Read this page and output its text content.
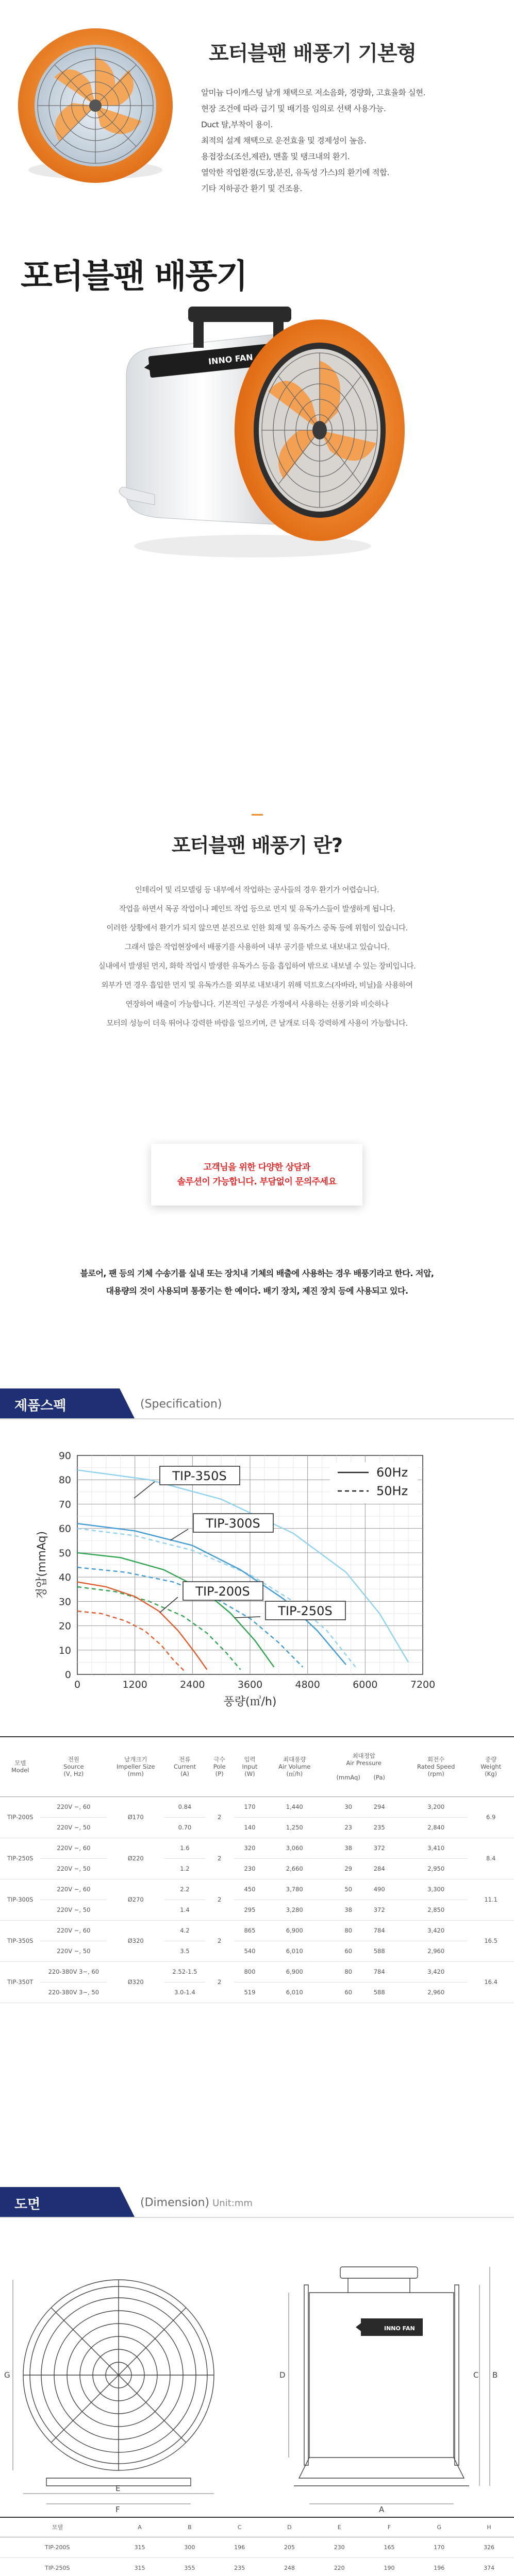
포터블팬 배풍기 기본형
알미늄 다이캐스팅 날개 채택으로 저소음화, 경량화, 고효율화 실현.
현장 조건에 따라 급기 및 배기를 임의로 선택 사용가능.
Duct 탈,부착이 용이.
최적의 설계 채택으로 운전효율 및 경제성이 높음.
용접장소(조선,제관), 맨홀 및 탱크내의 환기.
열악한 작업환경(도장,분진, 유독성 가스)의 환기에 적합.
기타 지하공간 환기 및 건조용.
포터블팬 배풍기
INNO FAN
포터블팬 배풍기 란?

인테리어 및 리모델링 등 내부에서 작업하는 공사들의 경우 환기가 어렵습니다.

작업을 하면서 목공 작업이나 페인트 작업 등으로 먼지 및 유독가스들이 발생하게 됩니다.

이러한 상황에서 환기가 되지 않으면 분진으로 인한 회재 및 유독가스 중독 등에 위험이 있습니다.

그래서 많은 작업현장에서 배풍기를 사용하여 내부 공기를 밖으로 내보내고 있습니다.

실내에서 발생된 먼지, 화학 작업시 발생한 유독가스 등을 흡입하여 밖으로 내보낼 수 있는 장비입니다.

외부가 먼 경우 흡입한 먼지 및 유독가스를 외부로 내보내기 위해 덕트호스(자바라, 비닐)을 사용하여

연장하여 배출이 가능합니다. 기본적인 구성은 가정에서 사용하는 선풍기와 비슷하나

모터의 성능이 더욱 뛰어나 강력한 바람을 일으키며, 큰 날개로 더욱 강력하게 사용이 가능합니다.

고객님을 위한 다양한 상담과

솔루션이 가능합니다. 부담없이 문의주세요

블로어, 팬 등의 기체 수송기를 실내 또는 장치내 기체의 배출에 사용하는 경우 배풍기라고 한다. 저압,

대용량의 것이 사용되며 통풍기는 한 예이다. 배기 장치, 제진 장치 등에 사용되고 있다.

제품스펙	(Specification)
0	1200	2400	3600	4800	6000	7200
0
10
20
30
40
50
60
70
80
90
풍량(㎥/h)
정압(mmAq)
TIP-350S
TIP-300S
TIP-200S
TIP-250S
60Hz
50Hz
모델
Model	전원
Source
(V, Hz)	날개크기
Impeller Size
(mm)	전류
Current
(A)	극수
Pole
(P)	입력
Input
(W)	최대풍량
Air Volume
(㎥/h)	최대정압
Air Pressure

(mmAq) (Pa)	회전수
Rated Speed
(rpm)	중량
Weight
(Kg)
TIP-200S	220V ~, 60	Ø170	0.84	2	170	1,440	30 294	3,200	6.9
	220V ~, 50		0.70		140	1,250	23 235	2,840	
TIP-250S	220V ~, 60	Ø220	1.6	2	320	3,060	38 372	3,410	8.4
	220V ~, 50		1.2		230	2,660	29 284	2,950	
TIP-300S	220V ~, 60	Ø270	2.2	2	450	3,780	50 490	3,300	11.1
	220V ~, 50		1.4		295	3,280	38 372	2,850	
TIP-350S	220V ~, 60	Ø320	4.2	2	865	6,900	80 784	3,420	16.5
	220V ~, 50		3.5		540	6,010	60 588	2,960	
TIP-350T	220-380V 3~, 60	Ø320	2.52-1.5	2	800	6,900	80 784	3,420	16.4
	220-380V 3~, 50		3.0-1.4		519	6,010	60 588	2,960	
도면	(Dimension) Unit:mm
INNO FAN
E
F
G	D
A
C B
모델	A	B	C	D	E	F	G	H
TIP-200S	315	300	196	205	230	165	170	326
TIP-250S	315	355	235	248	220	190	196	374
